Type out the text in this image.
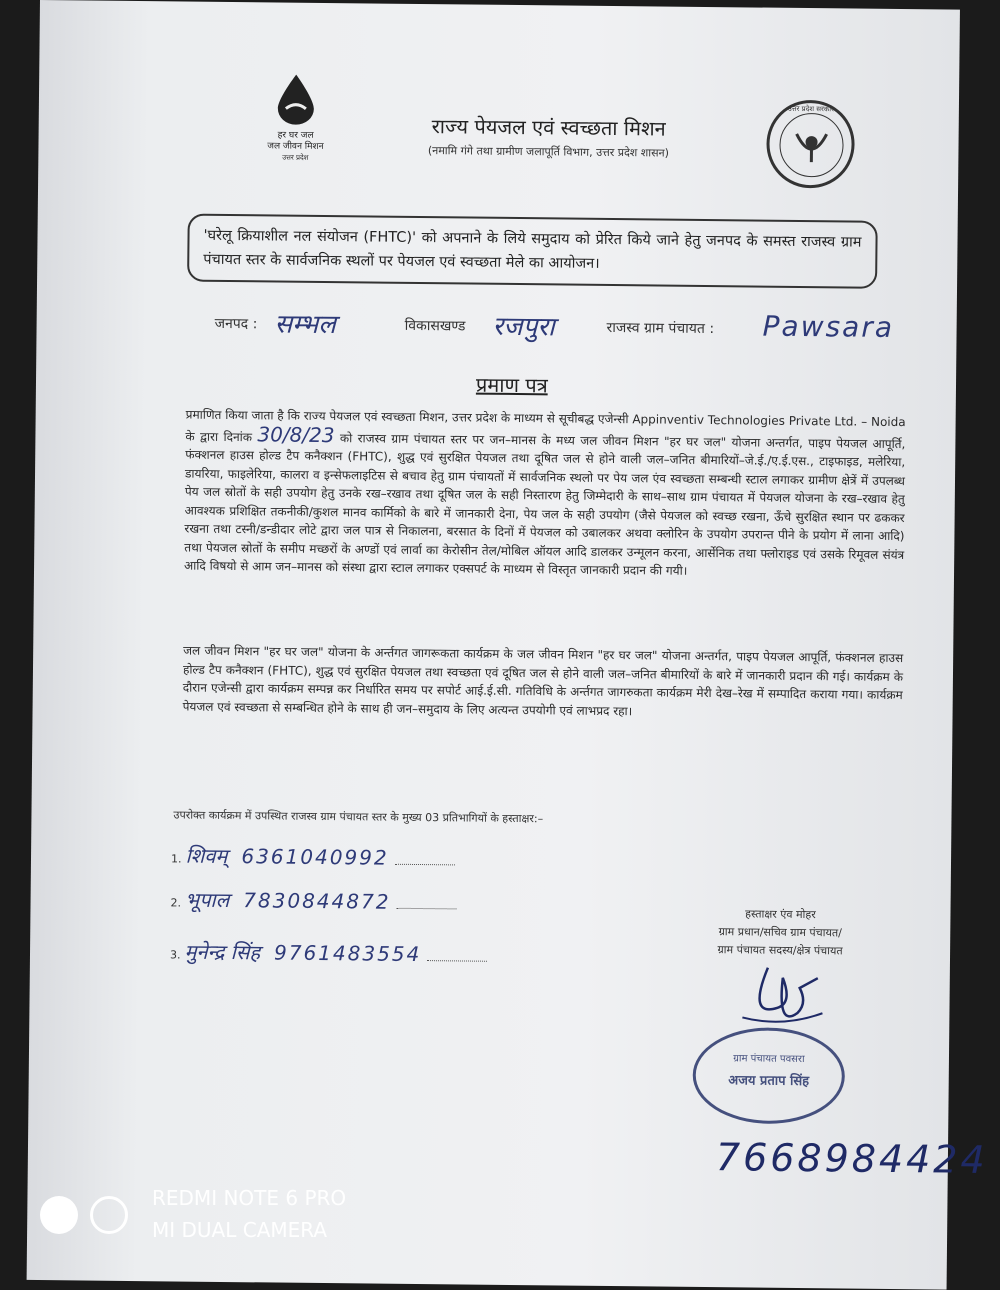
हर घर जल
जल जीवन मिशन
उत्तर प्रदेश
राज्य पेयजल एवं स्वच्छता मिशन
(नमामि गंगे तथा ग्रामीण जलापूर्ति विभाग, उत्तर प्रदेश शासन)
उत्तर प्रदेश सरकार
'घरेलू क्रियाशील नल संयोजन (FHTC)' को अपनाने के लिये समुदाय को प्रेरित किये जाने हेतु जनपद के समस्त राजस्व ग्राम पंचायत स्तर के सार्वजनिक स्थलों पर पेयजल एवं स्वच्छता मेले का आयोजन।
जनपद : सम्भल	विकासखण्ड रजपुरा	राजस्व ग्राम पंचायत : Pawsara
प्रमाण पत्र

प्रमाणित किया जाता है कि राज्य पेयजल एवं स्वच्छता मिशन, उत्तर प्रदेश के माध्यम से सूचीबद्ध एजेन्सी Appinventiv Technologies Private Ltd. – Noida के द्वारा दिनांक 30/8/23 को राजस्व ग्राम पंचायत स्तर पर जन–मानस के मध्य जल जीवन मिशन "हर घर जल" योजना अन्तर्गत, पाइप पेयजल आपूर्ति, फंक्शनल हाउस होल्ड टैप कनैक्शन (FHTC), शुद्ध एवं सुरक्षित पेयजल तथा दूषित जल से होने वाली जल–जनित बीमारियों–जे.ई./ए.ई.एस., टाइफाइड, मलेरिया, डायरिया, फाइलेरिया, कालरा व इन्सेफलाइटिस से बचाव हेतु ग्राम पंचायतों में सार्वजनिक स्थलो पर पेय जल एंव स्वच्छता सम्बन्धी स्टाल लगाकर ग्रामीण क्षेत्रें में उपलब्ध पेय जल स्रोतों के सही उपयोग हेतु उनके रख–रखाव तथा दूषित जल के सही निस्तारण हेतु जिम्मेदारी के साथ–साथ ग्राम पंचायत में पेयजल योजना के रख–रखाव हेतु आवश्यक प्रशिक्षित तकनीकी/कुशल मानव कार्मिको के बारे में जानकारी देना, पेय जल के सही उपयोग (जैसे पेयजल को स्वच्छ रखना, ऊँचे सुरक्षित स्थान पर ढककर रखना तथा टस्नी/डन्डीदार लोटे द्वारा जल पात्र से निकालना, बरसात के दिनों में पेयजल को उबालकर अथवा क्लोरिन के उपयोग उपरान्त पीने के प्रयोग में लाना आदि) तथा पेयजल स्रोतों के समीप मच्छरों के अण्डों एवं लार्वा का केरोसीन तेल/मोबिल ऑयल आदि डालकर उन्मूलन करना, आर्सेनिक तथा फ्लोराइड एवं उसके रिमूवल संयंत्र आदि विषयो से आम जन–मानस को संस्था द्वारा स्टाल लगाकर एक्सपर्ट के माध्यम से विस्तृत जानकारी प्रदान की गयी।

जल जीवन मिशन "हर घर जल" योजना के अर्न्तगत जागरूकता कार्यक्रम के जल जीवन मिशन "हर घर जल" योजना अन्तर्गत, पाइप पेयजल आपूर्ति, फंक्शनल हाउस होल्ड टैप कनैक्शन (FHTC), शुद्ध एवं सुरक्षित पेयजल तथा स्वच्छता एवं दूषित जल से होने वाली जल–जनित बीमारियों के बारे में जानकारी प्रदान की गई। कार्यक्रम के दौरान एजेन्सी द्वारा कार्यक्रम सम्पन्न कर निर्धारित समय पर सपोर्ट आई.ई.सी. गतिविधि के अर्न्तगत जागरुकता कार्यक्रम मेरी देख–रेख में सम्पादित कराया गया। कार्यक्रम पेयजल एवं स्वच्छता से सम्बन्धित होने के साथ ही जन–समुदाय के लिए अत्यन्त उपयोगी एवं लाभप्रद रहा।

उपरोक्त कार्यक्रम में उपस्थित राजस्व ग्राम पंचायत स्तर के मुख्य 03 प्रतिभागियों के हस्ताक्षर:–
1. शिवम् 6361040992
2. भूपाल 7830844872
3. मुनेन्द्र सिंह 9761483554
हस्ताक्षर एंव मोहर
ग्राम प्रधान/सचिव ग्राम पंचायत/
ग्राम पंचायत सदस्य/क्षेत्र पंचायत
ग्राम पंचायत पवसरा
अजय प्रताप सिंह
7668984424
REDMI NOTE 6 PRO
MI DUAL CAMERA
